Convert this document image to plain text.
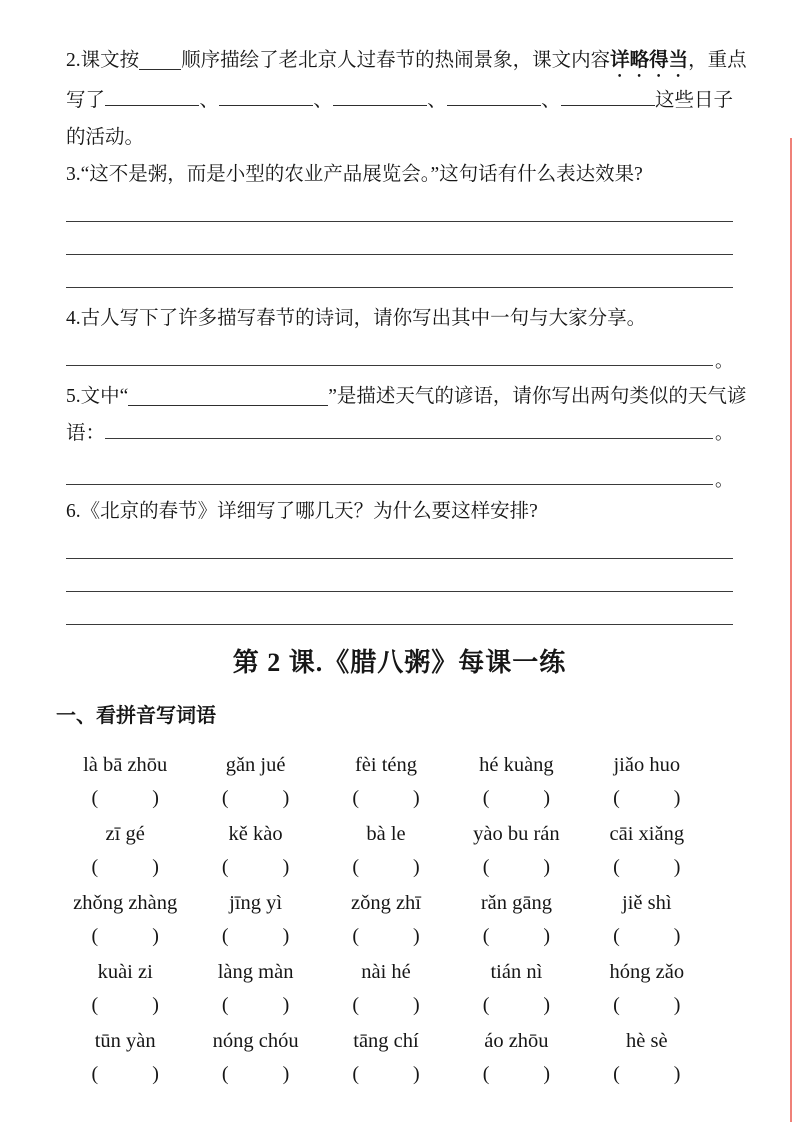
2.课文按 顺序描绘了老北京人过春节的热闹景象，课文内容详略得当，重点

写了	、	、	、	、	这些日子

的活动。

3.“这不是粥，而是小型的农业产品展览会。”这句话有什么表达效果?

4.古人写下了许多描写春节的诗词，请你写出其中一句与大家分享。

。

5.文中“	”是描述天气的谚语，请你写出两句类似的天气谚

语：	。
。

6.《北京的春节》详细写了哪几天？为什么要这样安排?

第 2 课.《腊八粥》每课一练
一、看拼音写词语
là bā zhōu	gǎn jué	fèi téng	hé kuàng	jiǎo huo
(	)	(	)	(	)	(	)	(	)
zī gé	kě kào	bà le	yào bu rán	cāi xiǎng
(	)	(	)	(	)	(	)	(	)
zhǒng zhàng	jīng yì	zǒng zhī	rǎn gāng	jiě shì
(	)	(	)	(	)	(	)	(	)
kuài zi	làng màn	nài hé	tián nì	hóng zǎo
(	)	(	)	(	)	(	)	(	)
tūn yàn	nóng chóu	tāng chí	áo zhōu	hè sè
(	)	(	)	(	)	(	)	(	)
